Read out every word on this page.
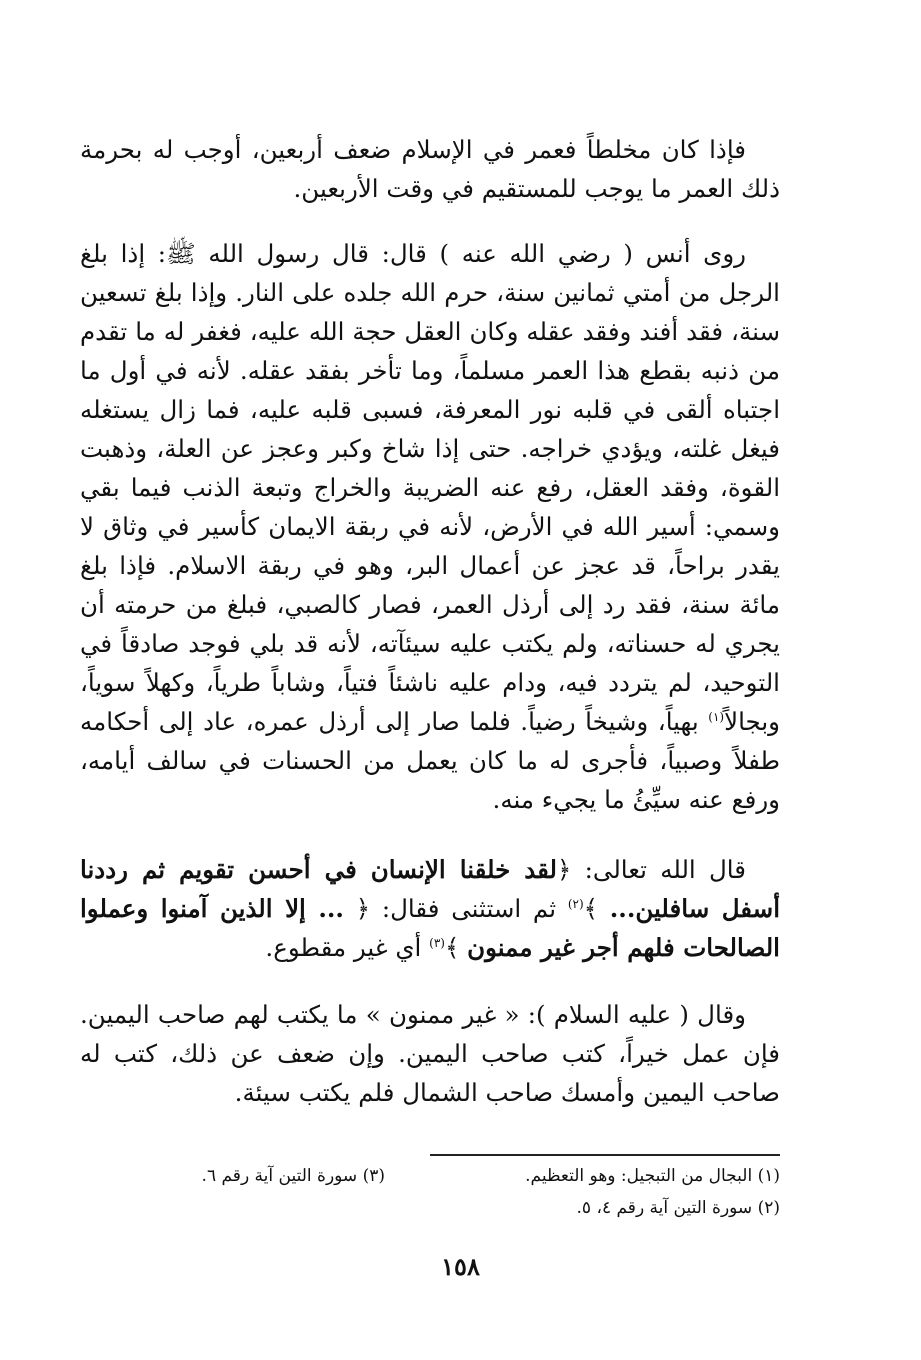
فإذا كان مخلطاً فعمر في الإسلام ضعف أربعين، أوجب له بحرمة ذلك العمر ما يوجب للمستقيم في وقت الأربعين.

روى أنس ( رضي الله عنه ) قال: قال رسول الله ﷺ: إذا بلغ الرجل من أمتي ثمانين سنة، حرم الله جلده على النار. وإذا بلغ تسعين سنة، فقد أفند وفقد عقله وكان العقل حجة الله عليه، فغفر له ما تقدم من ذنبه بقطع هذا العمر مسلماً، وما تأخر بفقد عقله. لأنه في أول ما اجتباه ألقى في قلبه نور المعرفة، فسبى قلبه عليه، فما زال يستغله فيغل غلته، ويؤدي خراجه. حتى إذا شاخ وكبر وعجز عن العلة، وذهبت القوة، وفقد العقل، رفع عنه الضريبة والخراج وتبعة الذنب فيما بقي وسمي: أسير الله في الأرض، لأنه في ربقة الايمان كأسير في وثاق لا يقدر براحاً، قد عجز عن أعمال البر، وهو في ربقة الاسلام. فإذا بلغ مائة سنة، فقد رد إلى أرذل العمر، فصار كالصبي، فبلغ من حرمته أن يجري له حسناته، ولم يكتب عليه سيئآته، لأنه قد بلي فوجد صادقاً في التوحيد، لم يتردد فيه، ودام عليه ناشئاً فتياً، وشاباً طرياً، وكهلاً سوياً، وبجالاً$^{(١)}$ بهياً، وشيخاً رضياً. فلما صار إلى أرذل عمره، عاد إلى أحكامه طفلاً وصبياً، فأجرى له ما كان يعمل من الحسنات في سالف أيامه، ورفع عنه سيِّئُ ما يجيء منه.

قال الله تعالى: ﴿لقد خلقنا الإنسان في أحسن تقويم ثم رددنا أسفل سافلين... ﴾$^{(٢)}$ ثم استثنى فقال: ﴿ ... إلا الذين آمنوا وعملوا الصالحات فلهم أجر غير ممنون ﴾$^{(٣)}$ أي غير مقطوع.

وقال ( عليه السلام ): « غير ممنون » ما يكتب لهم صاحب اليمين. فإن عمل خيراً، كتب صاحب اليمين. وإن ضعف عن ذلك، كتب له صاحب اليمين وأمسك صاحب الشمال فلم يكتب سيئة.

(١) البجال من التبجيل: وهو التعظيم.(٣) سورة التين آية رقم ٦.
(٢) سورة التين آية رقم ٤، ٥.
١٥٨
